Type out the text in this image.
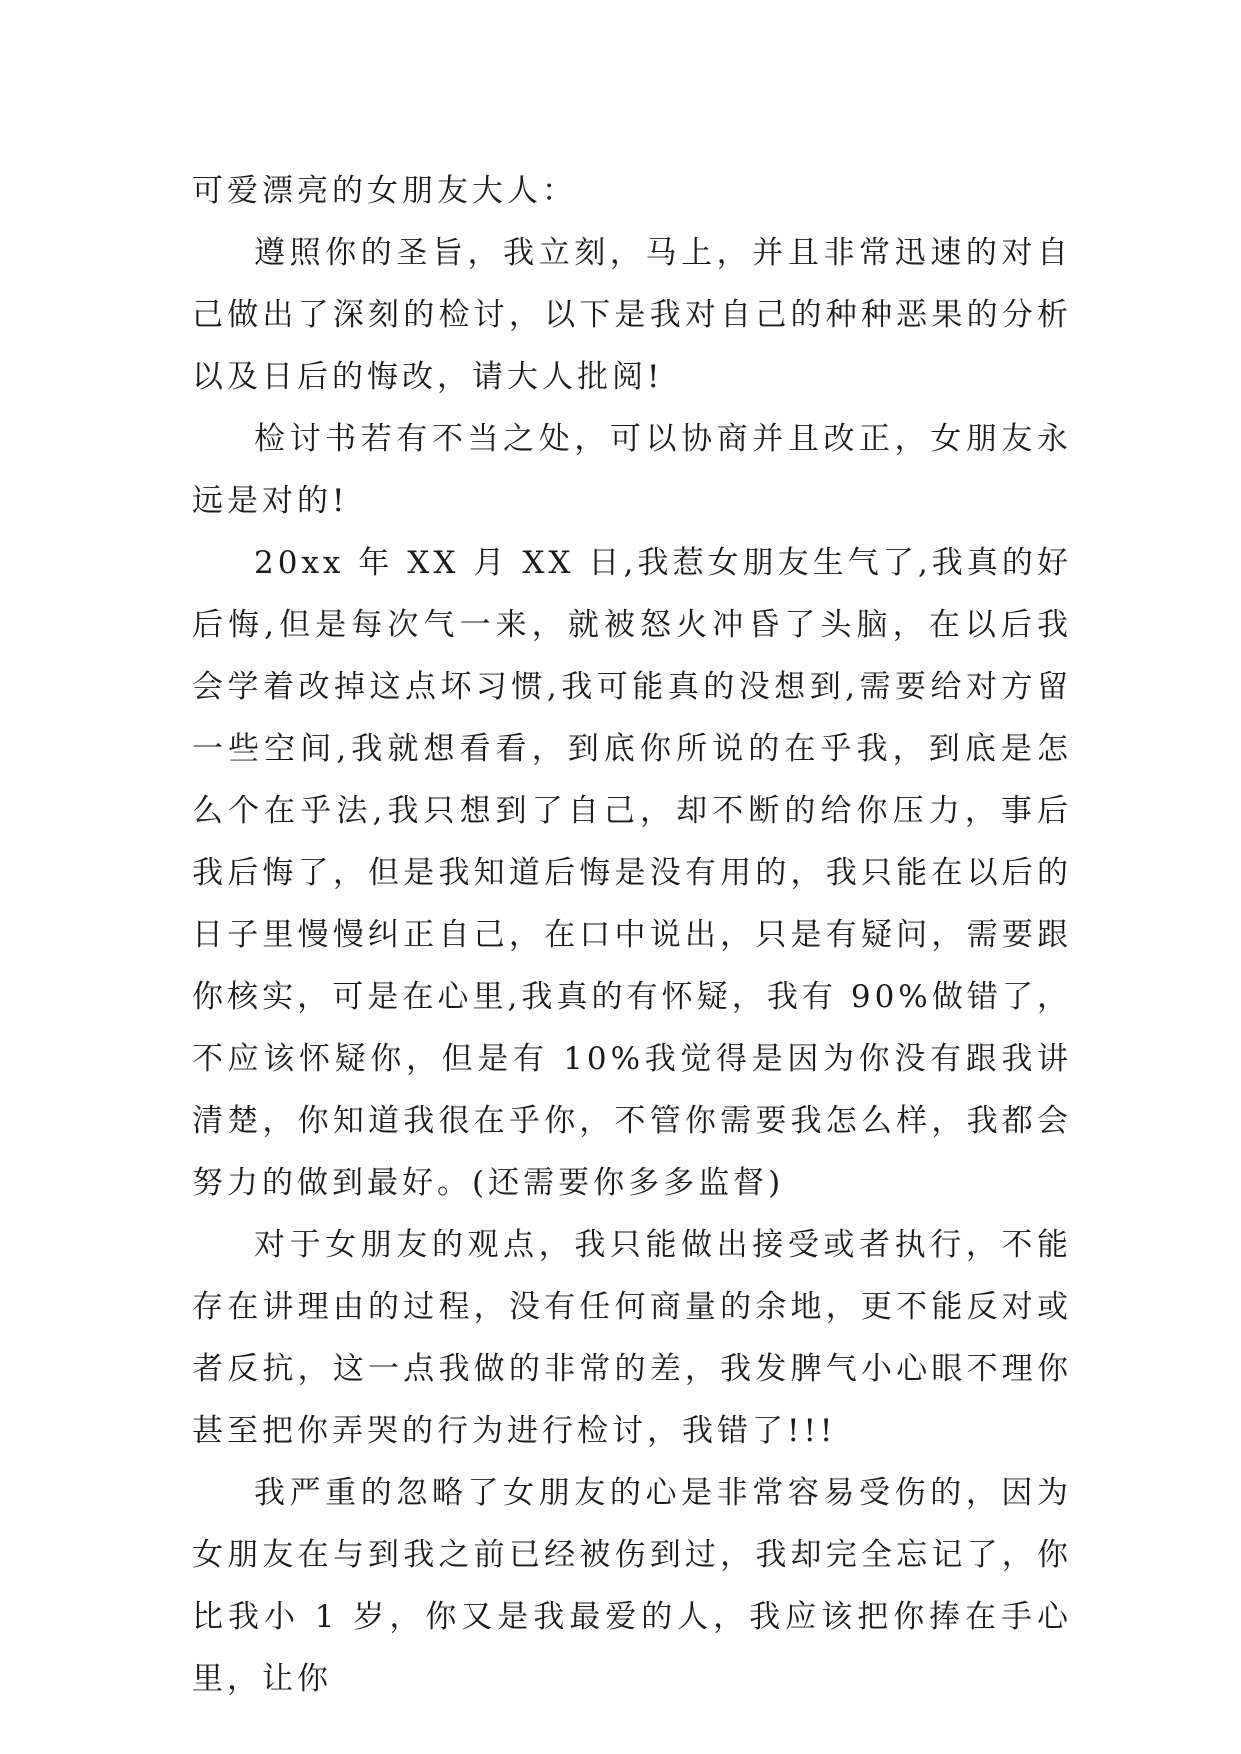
可爱漂亮的女朋友大人：

遵照你的圣旨，我立刻，马上，并且非常迅速的对自己做出了深刻的检讨，以下是我对自己的种种恶果的分析以及日后的悔改，请大人批阅!

检讨书若有不当之处，可以协商并且改正，女朋友永远是对的!

20xx 年 XX 月 XX 日,我惹女朋友生气了,我真的好后悔,但是每次气一来，就被怒火冲昏了头脑，在以后我会学着改掉这点坏习惯,我可能真的没想到,需要给对方留一些空间,我就想看看，到底你所说的在乎我，到底是怎么个在乎法,我只想到了自己，却不断的给你压力，事后我后悔了，但是我知道后悔是没有用的，我只能在以后的日子里慢慢纠正自己，在口中说出，只是有疑问，需要跟你核实，可是在心里,我真的有怀疑，我有 90%做错了，不应该怀疑你，但是有 10%我觉得是因为你没有跟我讲清楚，你知道我很在乎你，不管你需要我怎么样，我都会努力的做到最好。(还需要你多多监督)

对于女朋友的观点，我只能做出接受或者执行，不能存在讲理由的过程，没有任何商量的余地，更不能反对或者反抗，这一点我做的非常的差，我发脾气小心眼不理你甚至把你弄哭的行为进行检讨，我错了!!!

我严重的忽略了女朋友的心是非常容易受伤的，因为女朋友在与到我之前已经被伤到过，我却完全忘记了，你比我小 1 岁，你又是我最爱的人，我应该把你捧在手心里，让你
